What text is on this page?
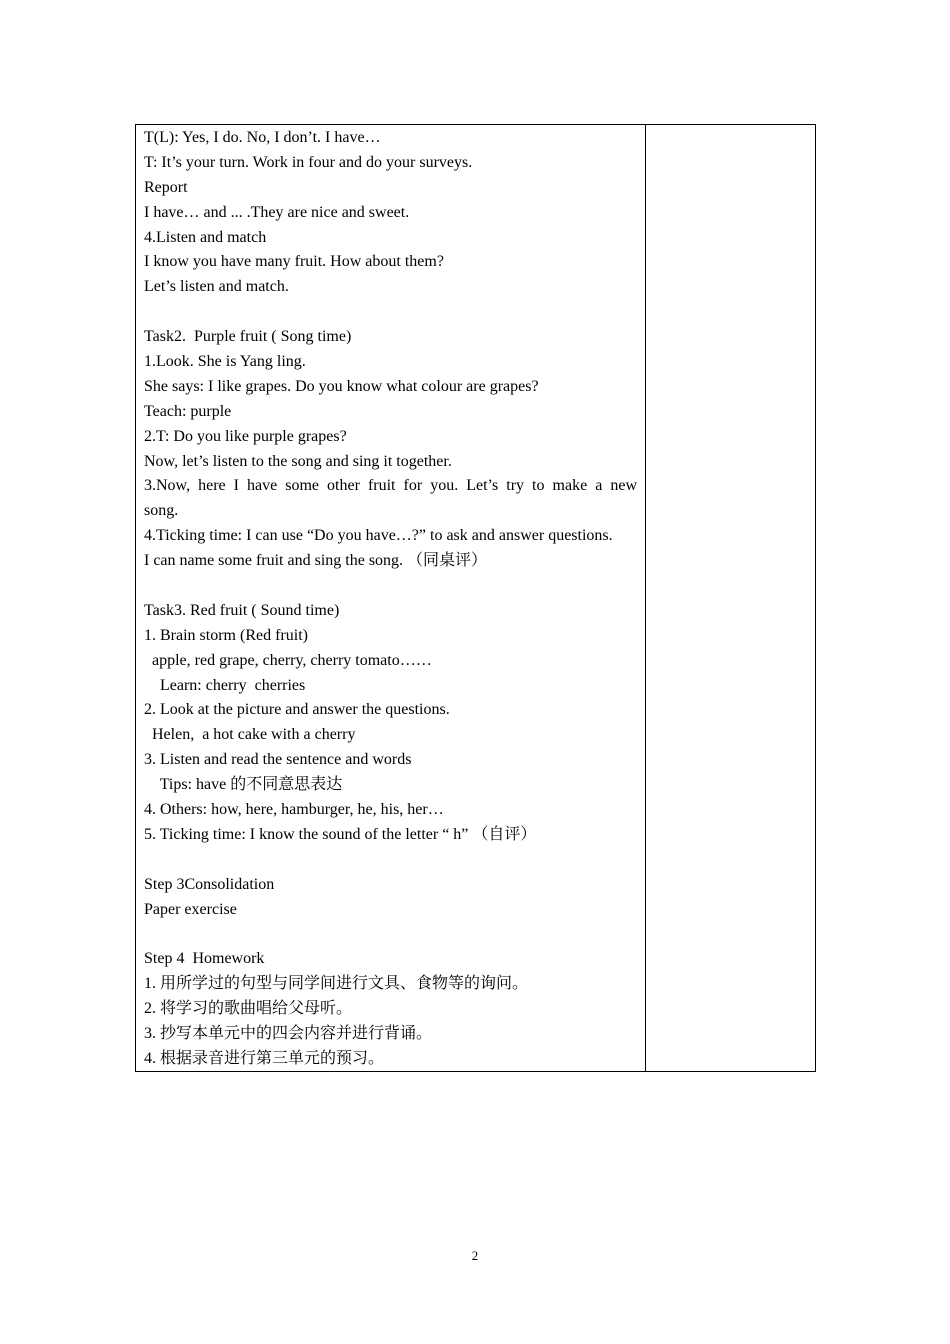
T(L): Yes, I do. No, I don’t. I have…
T: It’s your turn. Work in four and do your surveys.
Report
I have… and ... .They are nice and sweet.
4.Listen and match
I know you have many fruit. How about them?
Let’s listen and match.
Task2.  Purple fruit ( Song time)
1.Look. She is Yang ling.
She says: I like grapes. Do you know what colour are grapes?
Teach: purple
2.T: Do you like purple grapes?
Now, let’s listen to the song and sing it together.
3.Now, here I have some other fruit for you. Let’s try to make a new
song.
4.Ticking time: I can use “Do you have…?” to ask and answer questions.
I can name some fruit and sing the song. （同桌评）
Task3. Red fruit ( Sound time)
1. Brain storm (Red fruit)
apple, red grape, cherry, cherry tomato……
Learn: cherry  cherries
2. Look at the picture and answer the questions.
Helen,  a hot cake with a cherry
3. Listen and read the sentence and words
Tips: have 的不同意思表达
4. Others: how, here, hamburger, he, his, her…
5. Ticking time: I know the sound of the letter “ h” （自评）
Step 3Consolidation
Paper exercise
Step 4  Homework
1. 用所学过的句型与同学间进行文具、食物等的询问。
2. 将学习的歌曲唱给父母听。
3. 抄写本单元中的四会内容并进行背诵。
4. 根据录音进行第三单元的预习。
2
